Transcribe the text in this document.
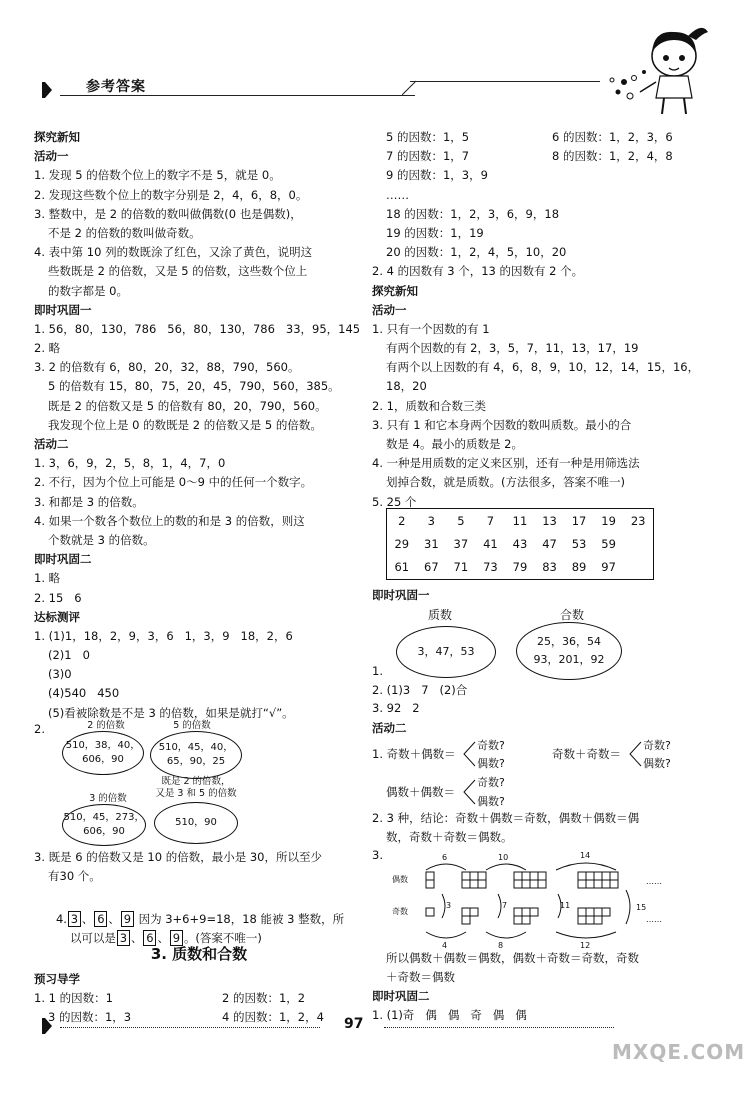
参考答案
探究新知
活动一
1. 发现 5 的倍数个位上的数字不是 5，就是 0。
2. 发现这些数个位上的数字分别是 2，4，6，8，0。
3. 整数中，是 2 的倍数的数叫做偶数(0 也是偶数)，
不是 2 的倍数的数叫做奇数。
4. 表中第 10 列的数既涂了红色，又涂了黄色，说明这
些数既是 2 的倍数，又是 5 的倍数，这些数个位上
的数字都是 0。
即时巩固一
1. 56，80，130，786   56，80，130，786   33，95，145
2. 略
3. 2 的倍数有 6，80，20，32，88，790，560。
5 的倍数有 15，80，75，20，45，790，560，385。
既是 2 的倍数又是 5 的倍数有 80，20，790，560。
我发现个位上是 0 的数既是 2 的倍数又是 5 的倍数。
活动二
1. 3，6，9，2，5，8，1，4，7，0
2. 不行，因为个位上可能是 0～9 中的任何一个数字。
3. 和都是 3 的倍数。
4. 如果一个数各个数位上的数的和是 3 的倍数，则这
个数就是 3 的倍数。
即时巩固二
1. 略
2. 15   6
达标测评
1. (1)1，18，2，9，3，6   1，3，9   18，2，6
(2)1   0
(3)0
(4)540   450
(5)看被除数是不是 3 的倍数，如果是就打“√”。
2.	2 的倍数	5 的倍数
510，38，40，
606，90
510，45，40，
65，90，25
既是 2 的倍数，
又是 3 和 5 的倍数
3 的倍数
510，45，273，
606，90
510，90
3. 既是 6 的倍数又是 10 的倍数，最小是 30，所以至少
有30 个。

4. 3 、 6 、 9 因为 3+6+9=18，18 能被 3 整数，所

以可以是 3 、 6 、 9 。(答案不唯一)

3. 质数和合数
预习导学
1. 1 的因数：1	2 的因数：1，2
3 的因数：1，3	4 的因数：1，2，4
5 的因数：1，5	6 的因数：1，2，3，6
7 的因数：1，7	8 的因数：1，2，4，8
9 的因数：1，3，9
……
18 的因数：1，2，3，6，9，18
19 的因数：1，19
20 的因数：1，2，4，5，10，20
2. 4 的因数有 3 个，13 的因数有 2 个。
探究新知
活动一
1. 只有一个因数的有 1
有两个因数的有 2，3，5，7，11，13，17，19
有两个以上因数的有 4，6，8，9，10，12，14，15，16，
18，20
2. 1，质数和合数三类
3. 只有 1 和它本身两个因数的数叫质数。最小的合
数是 4。最小的质数是 2。
4. 一种是用质数的定义来区别，还有一种是用筛选法
划掉合数，就是质数。(方法很多，答案不唯一)
5. 25 个
2	3	5	7	11	13	17	19	23
29	31	37	41	43	47	53	59	
61	67	71	73	79	83	89	97	
即时巩固一
质数	合数
3，47，53
25，36，54
93，201，92
1.
2. (1)3   7   (2)合
3. 92   2
活动二
1. 奇数＋偶数＝
奇数?
偶数?
奇数＋奇数＝
奇数?
偶数?
偶数＋偶数＝
奇数?
偶数?
2. 3 种，结论：奇数＋偶数＝奇数，偶数＋偶数＝偶
数，奇数＋奇数＝偶数。
3.
偶数
奇数
6	10	14
3	7	11	15
4	8	12
……
……
所以偶数＋偶数＝偶数，偶数＋奇数＝奇数，奇数
＋奇数＝偶数
即时巩固二
1. (1)奇   偶   偶   奇   偶   偶
97
MXQE.COM
